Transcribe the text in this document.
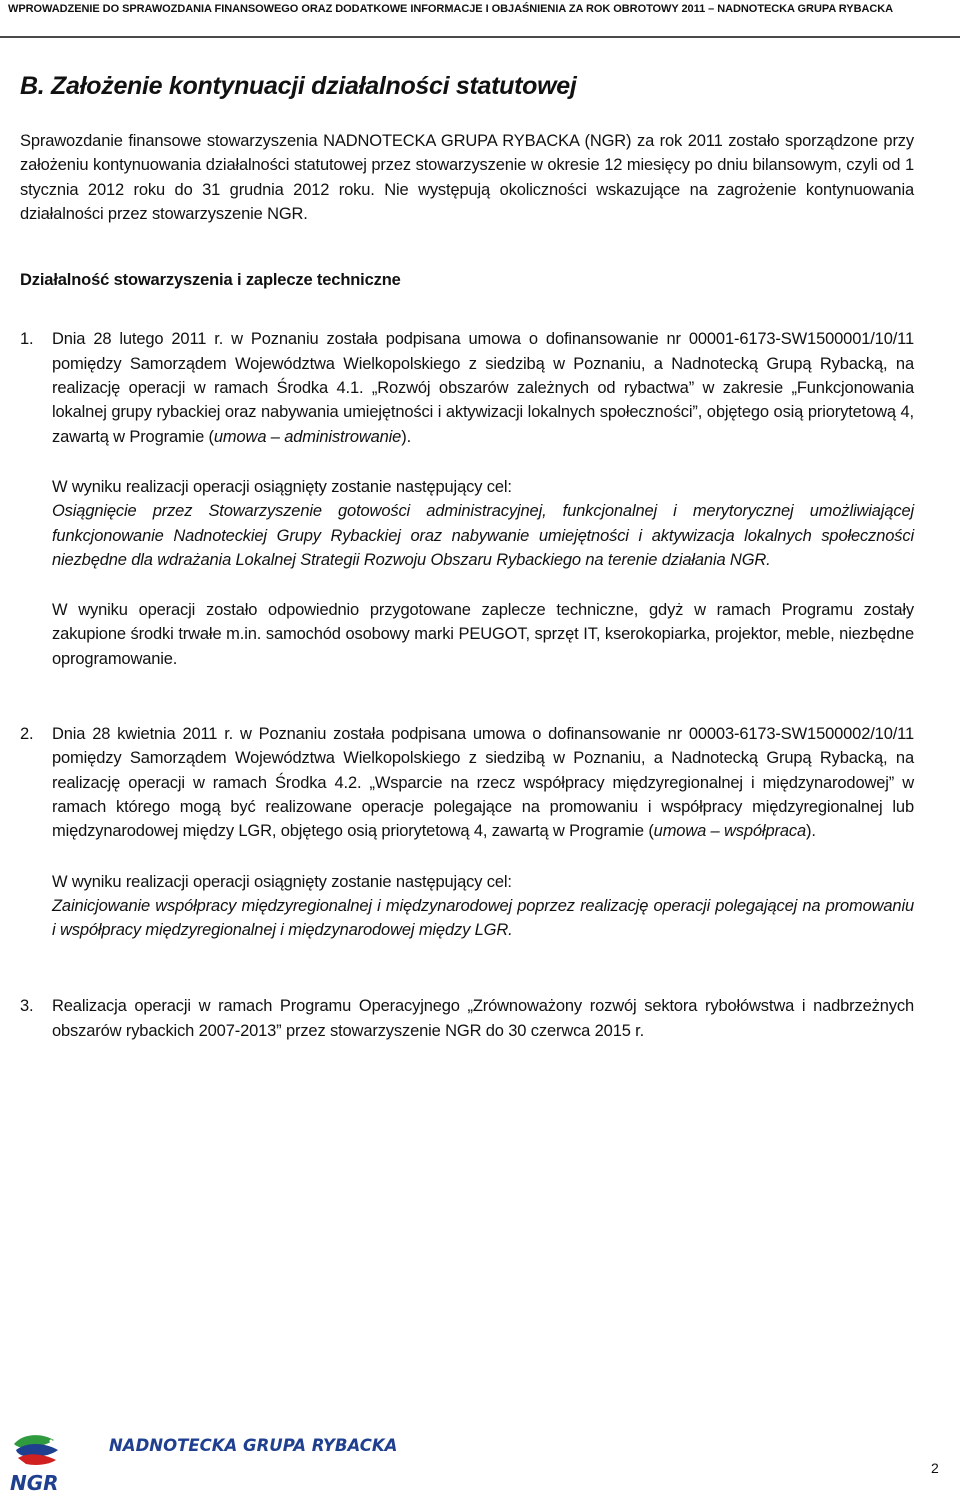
WPROWADZENIE DO SPRAWOZDANIA FINANSOWEGO ORAZ DODATKOWE INFORMACJE I OBJAŚNIENIA ZA ROK OBROTOWY 2011 – NADNOTECKA GRUPA RYBACKA
B. Założenie kontynuacji działalności statutowej

Sprawozdanie finansowe stowarzyszenia NADNOTECKA GRUPA RYBACKA (NGR) za rok 2011 zostało sporządzone przy założeniu kontynuowania działalności statutowej przez stowarzyszenie w okresie 12 miesięcy po dniu bilansowym, czyli od 1 stycznia 2012 roku do 31 grudnia 2012 roku. Nie występują okoliczności wskazujące na zagrożenie kontynuowania działalności przez stowarzyszenie NGR.

Działalność stowarzyszenia i zaplecze techniczne
1. Dnia 28 lutego 2011 r. w Poznaniu została podpisana umowa o dofinansowanie nr 00001-6173-SW1500001/10/11 pomiędzy Samorządem Województwa Wielkopolskiego z siedzibą w Poznaniu, a Nadnotecką Grupą Rybacką, na realizację operacji w ramach Środka 4.1. „Rozwój obszarów zależnych od rybactwa” w zakresie „Funkcjonowania lokalnej grupy rybackiej oraz nabywania umiejętności i aktywizacji lokalnych społeczności”, objętego osią priorytetową 4, zawartą w Programie (umowa – administrowanie).

W wyniku realizacji operacji osiągnięty zostanie następujący cel:

Osiągnięcie przez Stowarzyszenie gotowości administracyjnej, funkcjonalnej i merytorycznej umożliwiającej funkcjonowanie Nadnoteckiej Grupy Rybackiej oraz nabywanie umiejętności i aktywizacja lokalnych społeczności niezbędne dla wdrażania Lokalnej Strategii Rozwoju Obszaru Rybackiego na terenie działania NGR.

W wyniku operacji zostało odpowiednio przygotowane zaplecze techniczne, gdyż w ramach Programu zostały zakupione środki trwałe m.in. samochód osobowy marki PEUGOT, sprzęt IT, kserokopiarka, projektor, meble, niezbędne oprogramowanie.

2. Dnia 28 kwietnia 2011 r. w Poznaniu została podpisana umowa o dofinansowanie nr 00003-6173-SW1500002/10/11 pomiędzy Samorządem Województwa Wielkopolskiego z siedzibą w Poznaniu, a Nadnotecką Grupą Rybacką, na realizację operacji w ramach Środka 4.2. „Wsparcie na rzecz współpracy międzyregionalnej i międzynarodowej” w ramach którego mogą być realizowane operacje polegające na promowaniu i współpracy międzyregionalnej lub międzynarodowej między LGR, objętego osią priorytetową 4, zawartą w Programie (umowa – współpraca).

W wyniku realizacji operacji osiągnięty zostanie następujący cel:

Zainicjowanie współpracy międzyregionalnej i międzynarodowej poprzez realizację operacji polegającej na promowaniu i współpracy międzyregionalnej i międzynarodowej między LGR.

3. Realizacja operacji w ramach Programu Operacyjnego „Zrównoważony rozwój sektora rybołówstwa i nadbrzeżnych obszarów rybackich 2007-2013” przez stowarzyszenie NGR do 30 czerwca 2015 r.

NGR
NADNOTECKA GRUPA RYBACKA
2
